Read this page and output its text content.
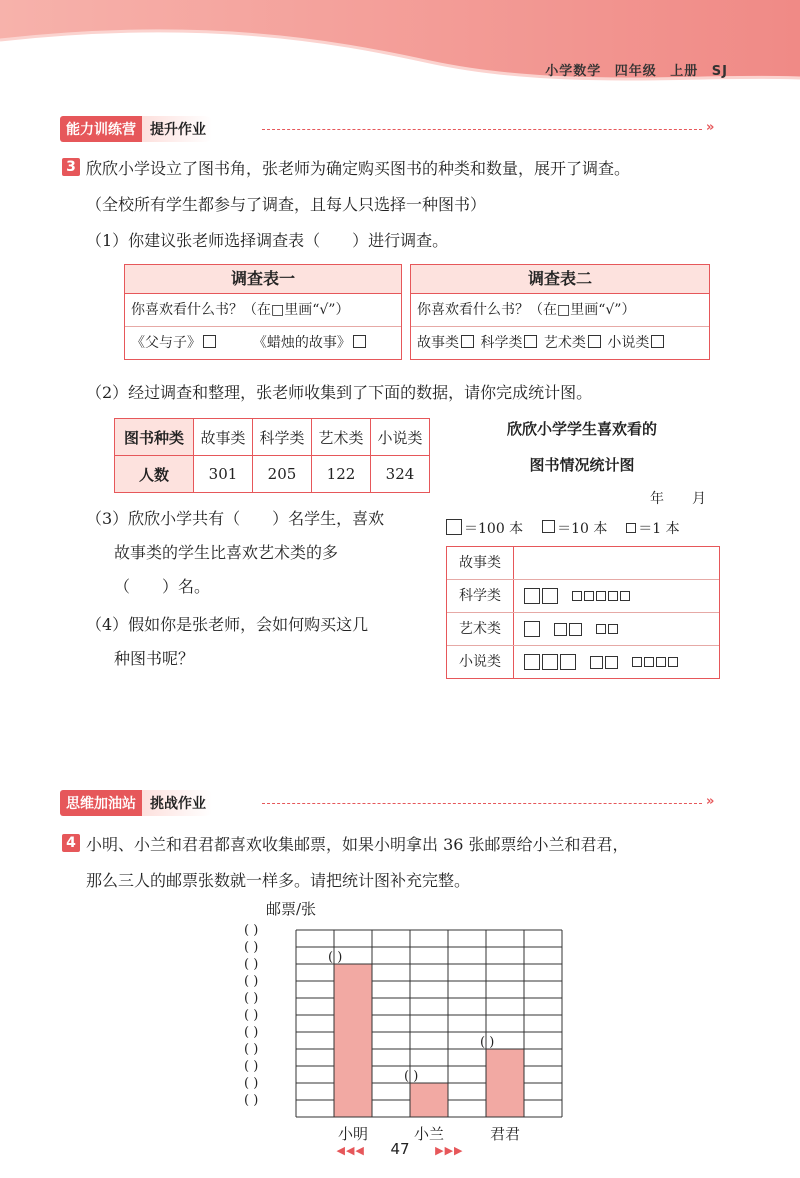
小学数学 四年级 上册 SJ
能力训练营	提升作业	»
3 欣欣小学设立了图书角，张老师为确定购买图书的种类和数量，展开了调查。
（全校所有学生都参与了调查，且每人只选择一种图书）
（1）你建议张老师选择调查表（　　）进行调查。
调查表一
你喜欢看什么书？（在□里画“√”）
《父与子》	《蜡烛的故事》
调查表二
你喜欢看什么书？（在□里画“√”）
故事类 科学类 艺术类 小说类
（2）经过调查和整理，张老师收集到了下面的数据，请你完成统计图。
图书种类	故事类	科学类	艺术类	小说类
人数	301	205	122	324
（3）欣欣小学共有（　　）名学生，喜欢
故事类的学生比喜欢艺术类的多
（　　）名。
（4）假如你是张老师，会如何购买这几
种图书呢？
欣欣小学学生喜欢看的
图书情况统计图
年　　月
＝100 本 ＝10 本 ＝1 本
故事类
科学类
艺术类
小说类
思维加油站	挑战作业	»
4 小明、小兰和君君都喜欢收集邮票，如果小明拿出 36 张邮票给小兰和君君，
那么三人的邮票张数就一样多。请把统计图补充完整。
邮票/张
( )
( )
( )
( )
( )
( )
( )
( )
( )
( )
( )
( )
小明
( )
小兰
( )
君君
◀◀◀ 47 ▶▶▶
